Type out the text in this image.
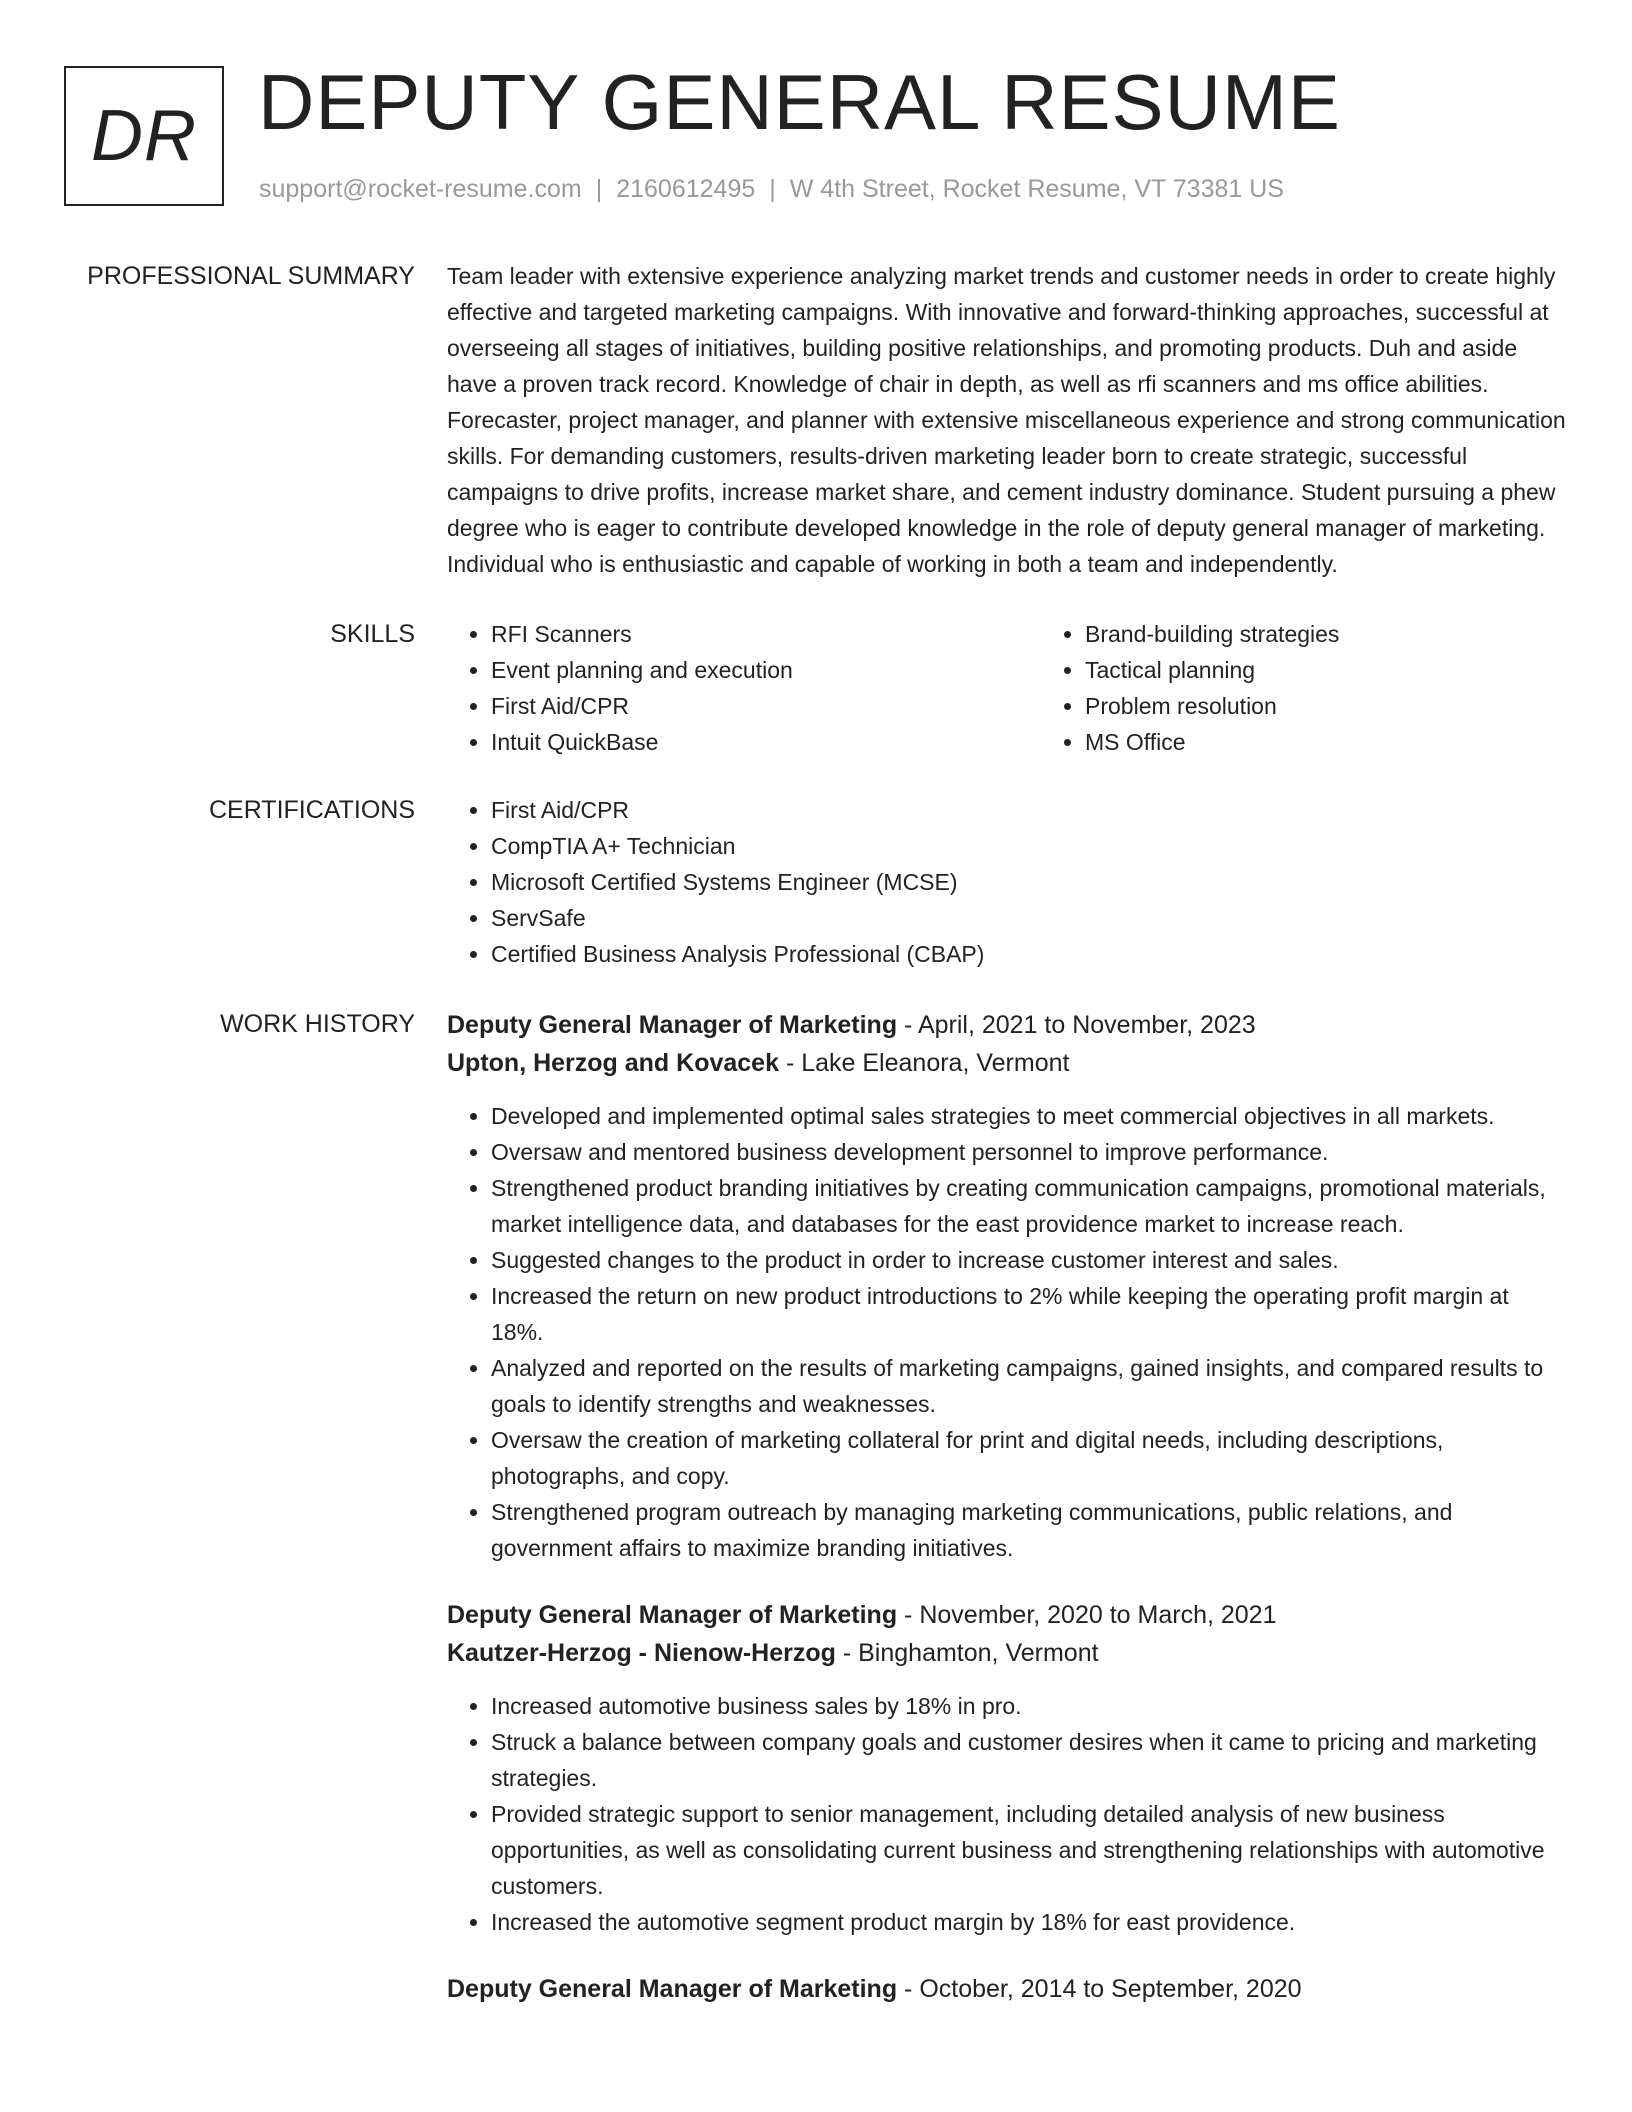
DR DEPUTY GENERAL RESUME
support@rocket-resume.com | 2160612495 | W 4th Street, Rocket Resume, VT 73381 US
PROFESSIONAL SUMMARY Team leader with extensive experience analyzing market trends and customer needs in order to create highly effective and targeted marketing campaigns. With innovative and forward-thinking approaches, successful at overseeing all stages of initiatives, building positive relationships, and promoting products. Duh and aside have a proven track record. Knowledge of chair in depth, as well as rfi scanners and ms office abilities. Forecaster, project manager, and planner with extensive miscellaneous experience and strong communication skills. For demanding customers, results-driven marketing leader born to create strategic, successful campaigns to drive profits, increase market share, and cement industry dominance. Student pursuing a phew degree who is eager to contribute developed knowledge in the role of deputy general manager of marketing. Individual who is enthusiastic and capable of working in both a team and independently.

SKILLS	• RFI Scanners
• Event planning and execution
• First Aid/CPR
• Intuit QuickBase
• Brand-building strategies
• Tactical planning
• Problem resolution
• MS Office
CERTIFICATIONS	• First Aid/CPR
• CompTIA A+ Technician
• Microsoft Certified Systems Engineer (MCSE)
• ServSafe
• Certified Business Analysis Professional (CBAP)
WORK HISTORY Deputy General Manager of Marketing - April, 2021 to November, 2023
Upton, Herzog and Kovacek - Lake Eleanora, Vermont
• Developed and implemented optimal sales strategies to meet commercial objectives in all markets.
• Oversaw and mentored business development personnel to improve performance.
• Strengthened product branding initiatives by creating communication campaigns, promotional materials, market intelligence data, and databases for the east providence market to increase reach.
• Suggested changes to the product in order to increase customer interest and sales.
• Increased the return on new product introductions to 2% while keeping the operating profit margin at 18%.
• Analyzed and reported on the results of marketing campaigns, gained insights, and compared results to goals to identify strengths and weaknesses.
• Oversaw the creation of marketing collateral for print and digital needs, including descriptions, photographs, and copy.
• Strengthened program outreach by managing marketing communications, public relations, and government affairs to maximize branding initiatives.
Deputy General Manager of Marketing - November, 2020 to March, 2021
Kautzer-Herzog - Nienow-Herzog - Binghamton, Vermont
• Increased automotive business sales by 18% in pro.
• Struck a balance between company goals and customer desires when it came to pricing and marketing strategies.
• Provided strategic support to senior management, including detailed analysis of new business opportunities, as well as consolidating current business and strengthening relationships with automotive customers.
• Increased the automotive segment product margin by 18% for east providence.
Deputy General Manager of Marketing - October, 2014 to September, 2020
